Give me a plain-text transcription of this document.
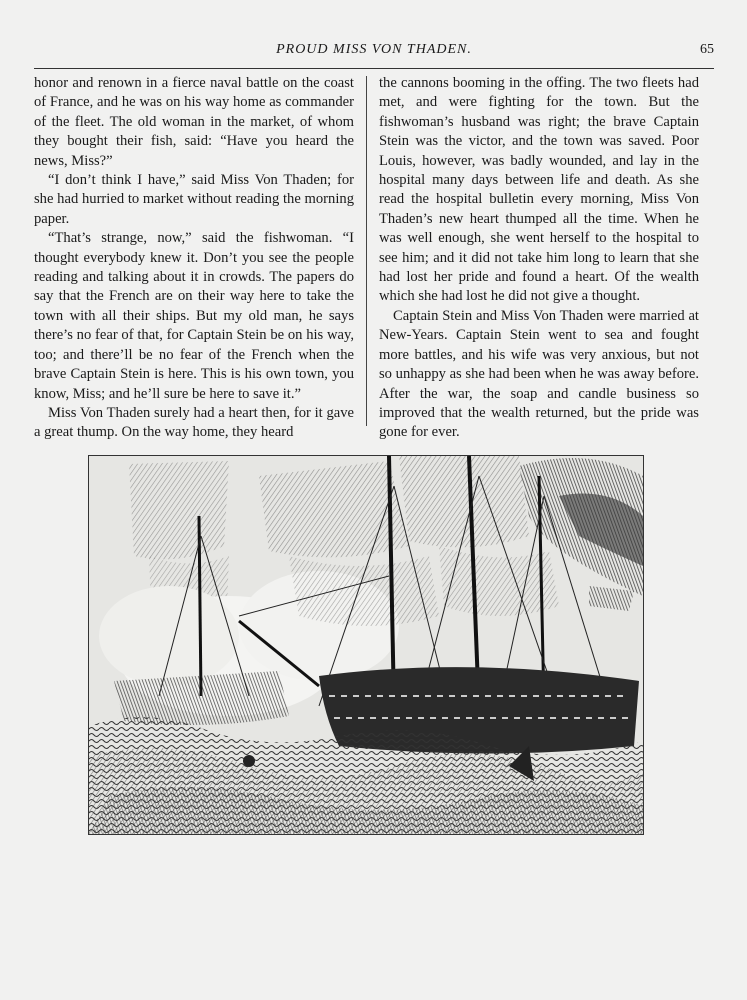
PROUD MISS VON THADEN.	65

honor and renown in a fierce naval battle on the coast of France, and he was on his way home as commander of the fleet. The old woman in the market, of whom they bought their fish, said: “Have you heard the news, Miss?”

“I don’t think I have,” said Miss Von Thaden; for she had hurried to market without reading the morning paper.

“That’s strange, now,” said the fishwoman. “I thought everybody knew it. Don’t you see the people reading and talking about it in crowds. The papers do say that the French are on their way here to take the town with all their ships. But my old man, he says there’s no fear of that, for Captain Stein be on his way, too; and there’ll be no fear of the French when the brave Captain Stein is here. This is his own town, you know, Miss; and he’ll sure be here to save it.”

Miss Von Thaden surely had a heart then, for it gave a great thump. On the way home, they heard

the cannons booming in the offing. The two fleets had met, and were fighting for the town. But the fishwoman’s husband was right; the brave Captain Stein was the victor, and the town was saved. Poor Louis, however, was badly wounded, and lay in the hospital many days between life and death. As she read the hospital bulletin every morning, Miss Von Thaden’s new heart thumped all the time. When he was well enough, she went herself to the hospital to see him; and it did not take him long to learn that she had lost her pride and found a heart. Of the wealth which she had lost he did not give a thought.

Captain Stein and Miss Von Thaden were married at New-Years. Captain Stein went to sea and fought more battles, and his wife was very anxious, but not so unhappy as she had been when he was away before. After the war, the soap and candle business so improved that the wealth returned, but the pride was gone for ever.
